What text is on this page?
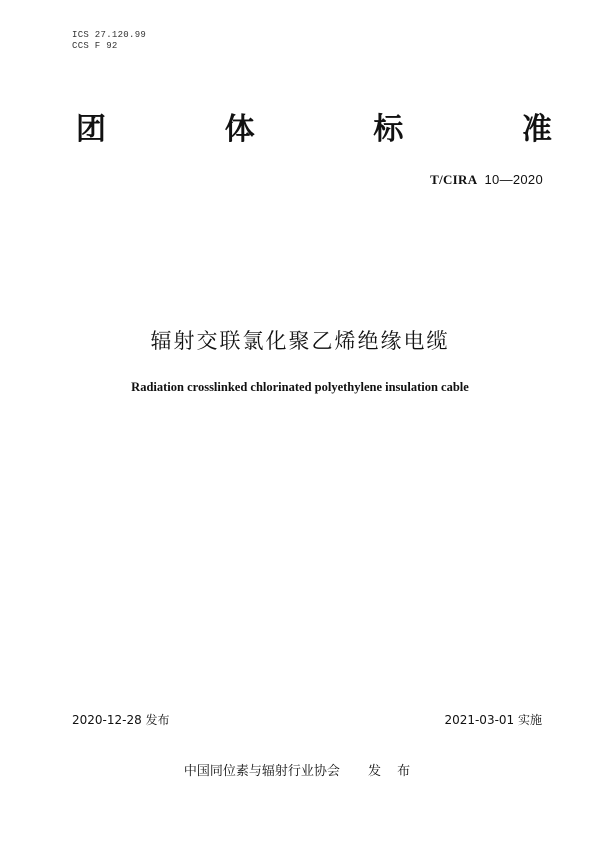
ICS 27.120.99
CCS F 92
团	体	标	准
T/CIRA 10—2020
辐射交联氯化聚乙烯绝缘电缆
Radiation crosslinked chlorinated polyethylene insulation cable
2020-12-28 发布	2021-03-01 实施
中国同位素与辐射行业协会 发 布
